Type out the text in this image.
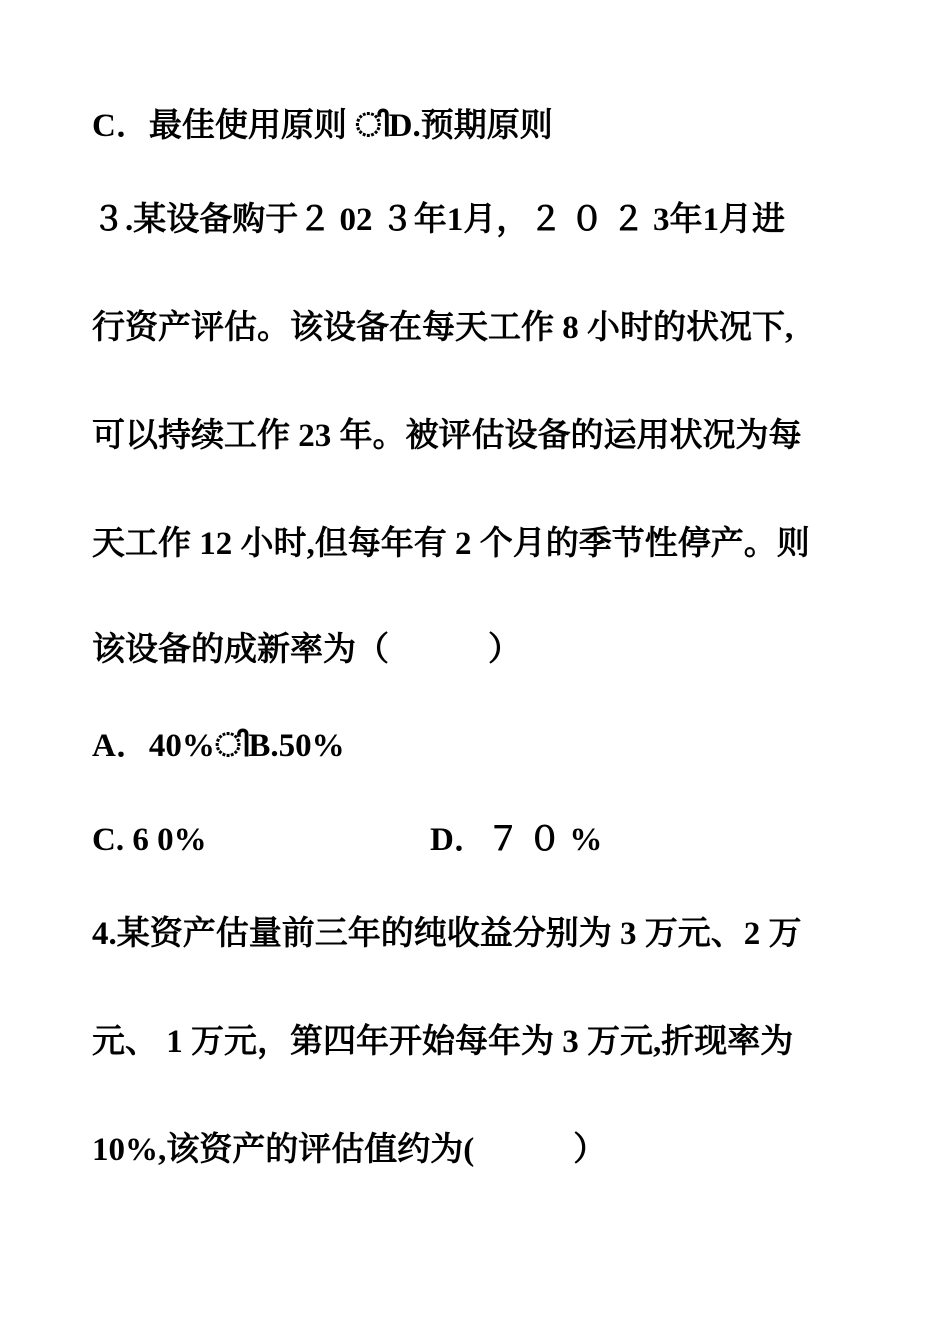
C．最佳使用原则 ിD.预期原则
３.某设备购于２ 02 ３年1月，２ ０ ２ 3年1月进
行资产评估。该设备在每天工作 8 小时的状况下,
可以持续工作 23 年。被评估设备的运用状况为每
天工作 12 小时,但每年有 2 个月的季节性停产。则
该设备的成新率为（　　　）
A．40%ിB.50%
C. 6 0%	D．７ ０ %
4.某资产估量前三年的纯收益分别为 3 万元、2 万
元、 1 万元，第四年开始每年为 3 万元,折现率为
10%,该资产的评估值约为(　　　）
